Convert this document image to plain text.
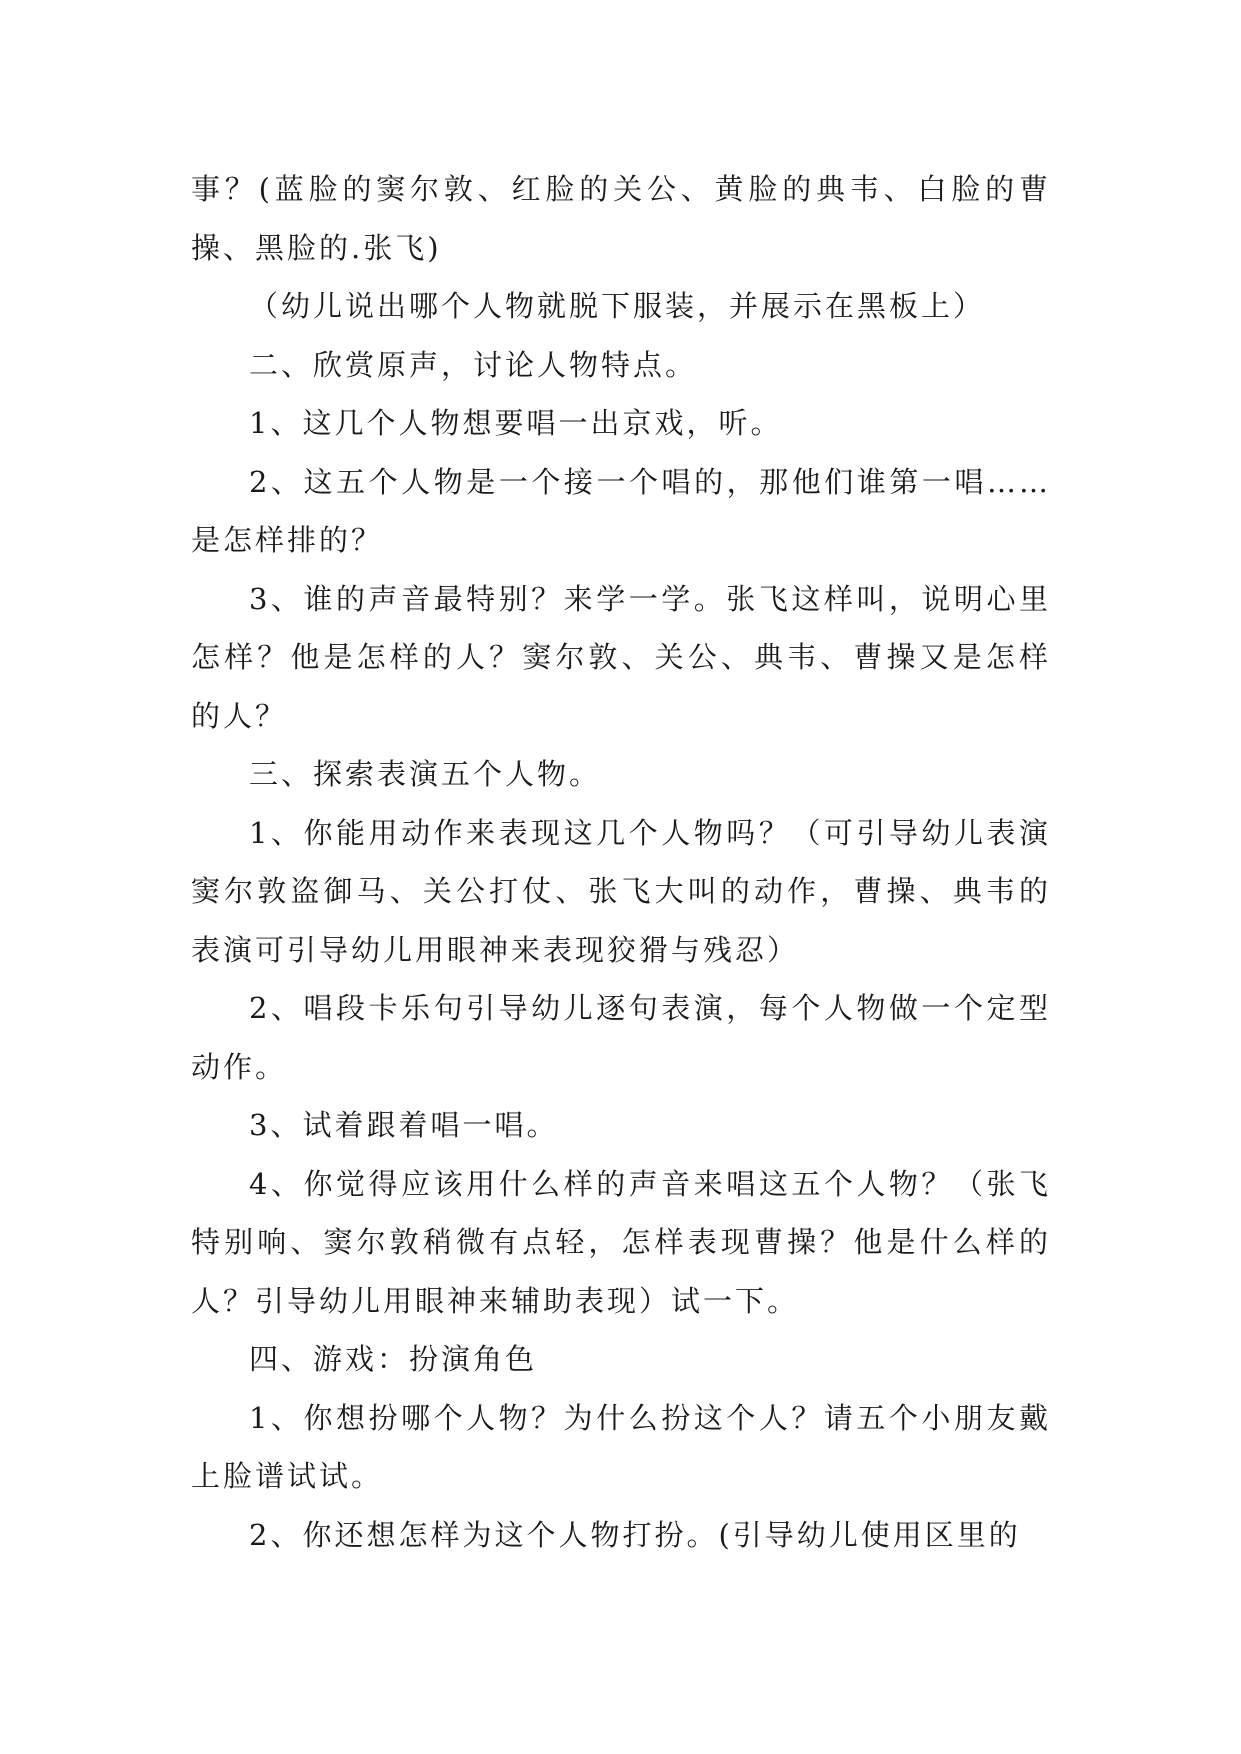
事？(蓝脸的窦尔敦、红脸的关公、黄脸的典韦、白脸的曹操、黑脸的.张飞)

（幼儿说出哪个人物就脱下服装，并展示在黑板上）

二、欣赏原声，讨论人物特点。

1、这几个人物想要唱一出京戏，听。

2、这五个人物是一个接一个唱的，那他们谁第一唱……是怎样排的？

3、谁的声音最特别？来学一学。张飞这样叫，说明心里怎样？他是怎样的人？窦尔敦、关公、典韦、曹操又是怎样的人？

三、探索表演五个人物。

1、你能用动作来表现这几个人物吗？（可引导幼儿表演窦尔敦盗御马、关公打仗、张飞大叫的动作，曹操、典韦的表演可引导幼儿用眼神来表现狡猾与残忍）

2、唱段卡乐句引导幼儿逐句表演，每个人物做一个定型动作。

3、试着跟着唱一唱。

4、你觉得应该用什么样的声音来唱这五个人物？（张飞特别响、窦尔敦稍微有点轻，怎样表现曹操？他是什么样的人？引导幼儿用眼神来辅助表现）试一下。

四、游戏：扮演角色

1、你想扮哪个人物？为什么扮这个人？请五个小朋友戴上脸谱试试。

2、你还想怎样为这个人物打扮。(引导幼儿使用区里的
